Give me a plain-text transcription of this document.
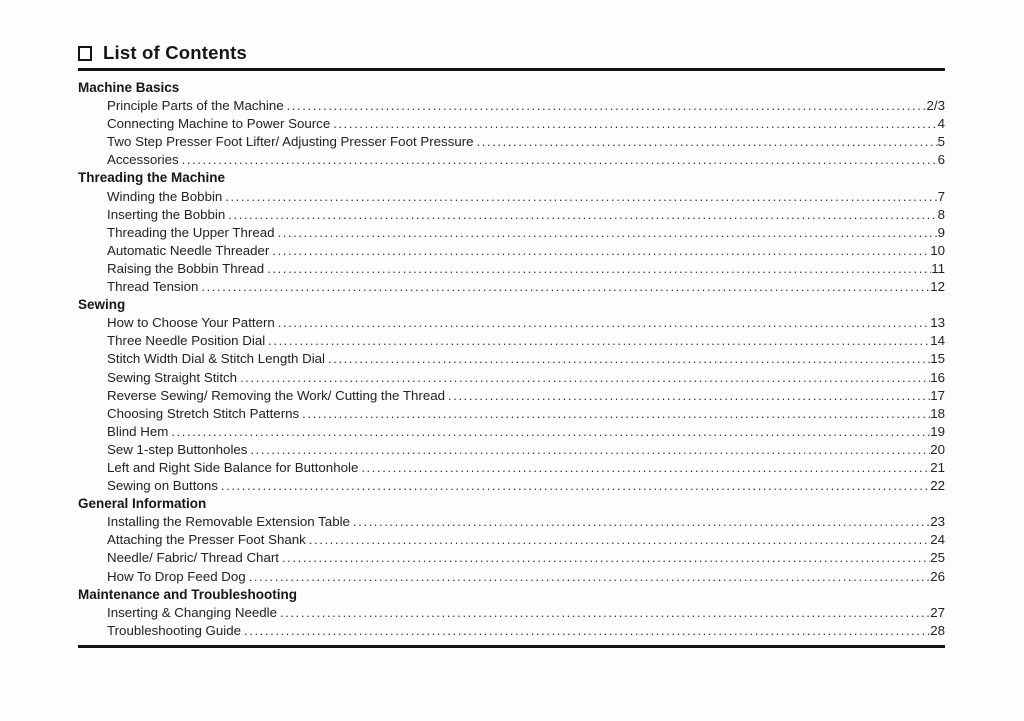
List of Contents
Machine Basics
Principle Parts of the Machine .....	2/3
Connecting Machine to Power Source .....	4
Two Step Presser Foot Lifter/ Adjusting Presser Foot Pressure .....	5
Accessories .....	6
Threading the Machine
Winding the Bobbin .....	7
Inserting the Bobbin .....	8
Threading the Upper Thread .....	9
Automatic Needle Threader .....	10
Raising the Bobbin Thread .....	11
Thread Tension .....	12
Sewing
How to Choose Your Pattern .....	13
Three Needle Position Dial .....	14
Stitch Width Dial & Stitch Length Dial .....	15
Sewing Straight Stitch .....	16
Reverse Sewing/ Removing the Work/ Cutting the Thread .....	17
Choosing Stretch Stitch Patterns .....	18
Blind Hem .....	19
Sew 1-step Buttonholes .....	20
Left and Right Side Balance for Buttonhole .....	21
Sewing on Buttons .....	22
General Information
Installing the Removable Extension Table .....	23
Attaching the Presser Foot Shank .....	24
Needle/ Fabric/ Thread Chart .....	25
How To Drop Feed Dog .....	26
Maintenance and Troubleshooting
Inserting & Changing Needle .....	27
Troubleshooting Guide .....	28
